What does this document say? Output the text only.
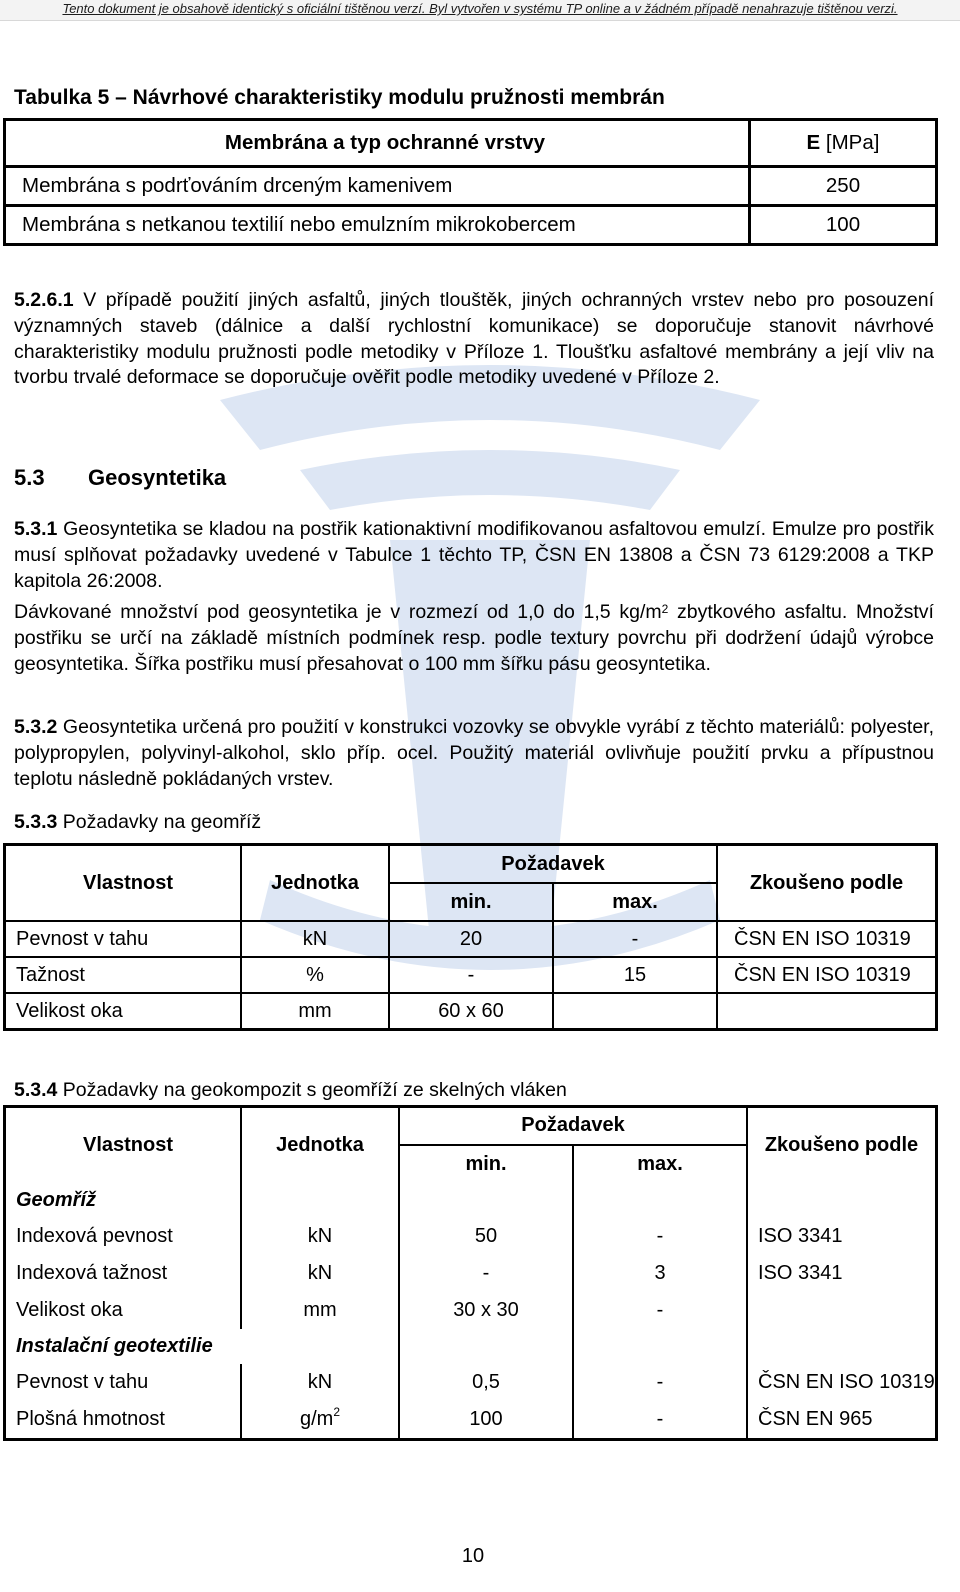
Tento dokument je obsahově identický s oficiální tištěnou verzí. Byl vytvořen v systému TP online a v žádném případě nenahrazuje tištěnou verzi.
Tabulka 5 – Návrhové charakteristiky modulu pružnosti membrán
Membrána a typ ochranné vrstvy	E [MPa]
Membrána s podrťováním drceným kamenivem	250
Membrána s netkanou textilií nebo emulzním mikrokobercem	100
5.2.6.1 V případě použití jiných asfaltů, jiných tlouštěk, jiných ochranných vrstev nebo pro posouzení významných staveb (dálnice a další rychlostní komunikace) se doporučuje stanovit návrhové charakteristiky modulu pružnosti podle metodiky v Příloze 1. Tloušťku asfaltové membrány a její vliv na tvorbu trvalé deformace se doporučuje ověřit podle metodiky uvedené v Příloze 2.
5.3 Geosyntetika
5.3.1 Geosyntetika se kladou na postřik kationaktivní modifikovanou asfaltovou emulzí. Emulze pro postřik musí splňovat požadavky uvedené v Tabulce 1 těchto TP, ČSN EN 13808 a ČSN 73 6129:2008 a TKP kapitola 26:2008.
Dávkované množství pod geosyntetika je v rozmezí od 1,0 do 1,5 $kg/m^2$ zbytkového asfaltu. Množství postřiku se určí na základě místních podmínek resp. podle textury povrchu při dodržení údajů výrobce geosyntetika. Šířka postřiku musí přesahovat o 100 mm šířku pásu geosyntetika.
5.3.2 Geosyntetika určená pro použití v konstrukci vozovky se obvykle vyrábí z těchto materiálů: polyester, polypropylen, polyvinyl-alkohol, sklo příp. ocel. Použitý materiál ovlivňuje použití prvku a přípustnou teplotu následně pokládaných vrstev.
5.3.3 Požadavky na geomříž
Vlastnost	Jednotka	Požadavek		Zkoušeno podle
		min.	max.	
Pevnost v tahu	kN	20	-	ČSN EN ISO 10319
Tažnost	%	-	15	ČSN EN ISO 10319
Velikost oka	mm	60 x 60		
5.3.4 Požadavky na geokompozit s geomříží ze skelných vláken
Vlastnost	Jednotka	Požadavek		Zkoušeno podle
		min.	max.	
Geomříž				
Indexová pevnost	kN	50	-	ISO 3341
Indexová tažnost	kN	-	3	ISO 3341
Velikost oka	mm	30 x 30	-	
Instalační geotextilie				
Pevnost v tahu	kN	0,5	-	ČSN EN ISO 10319
Plošná hmotnost	$g/m^2$	100	-	ČSN EN 965
10
